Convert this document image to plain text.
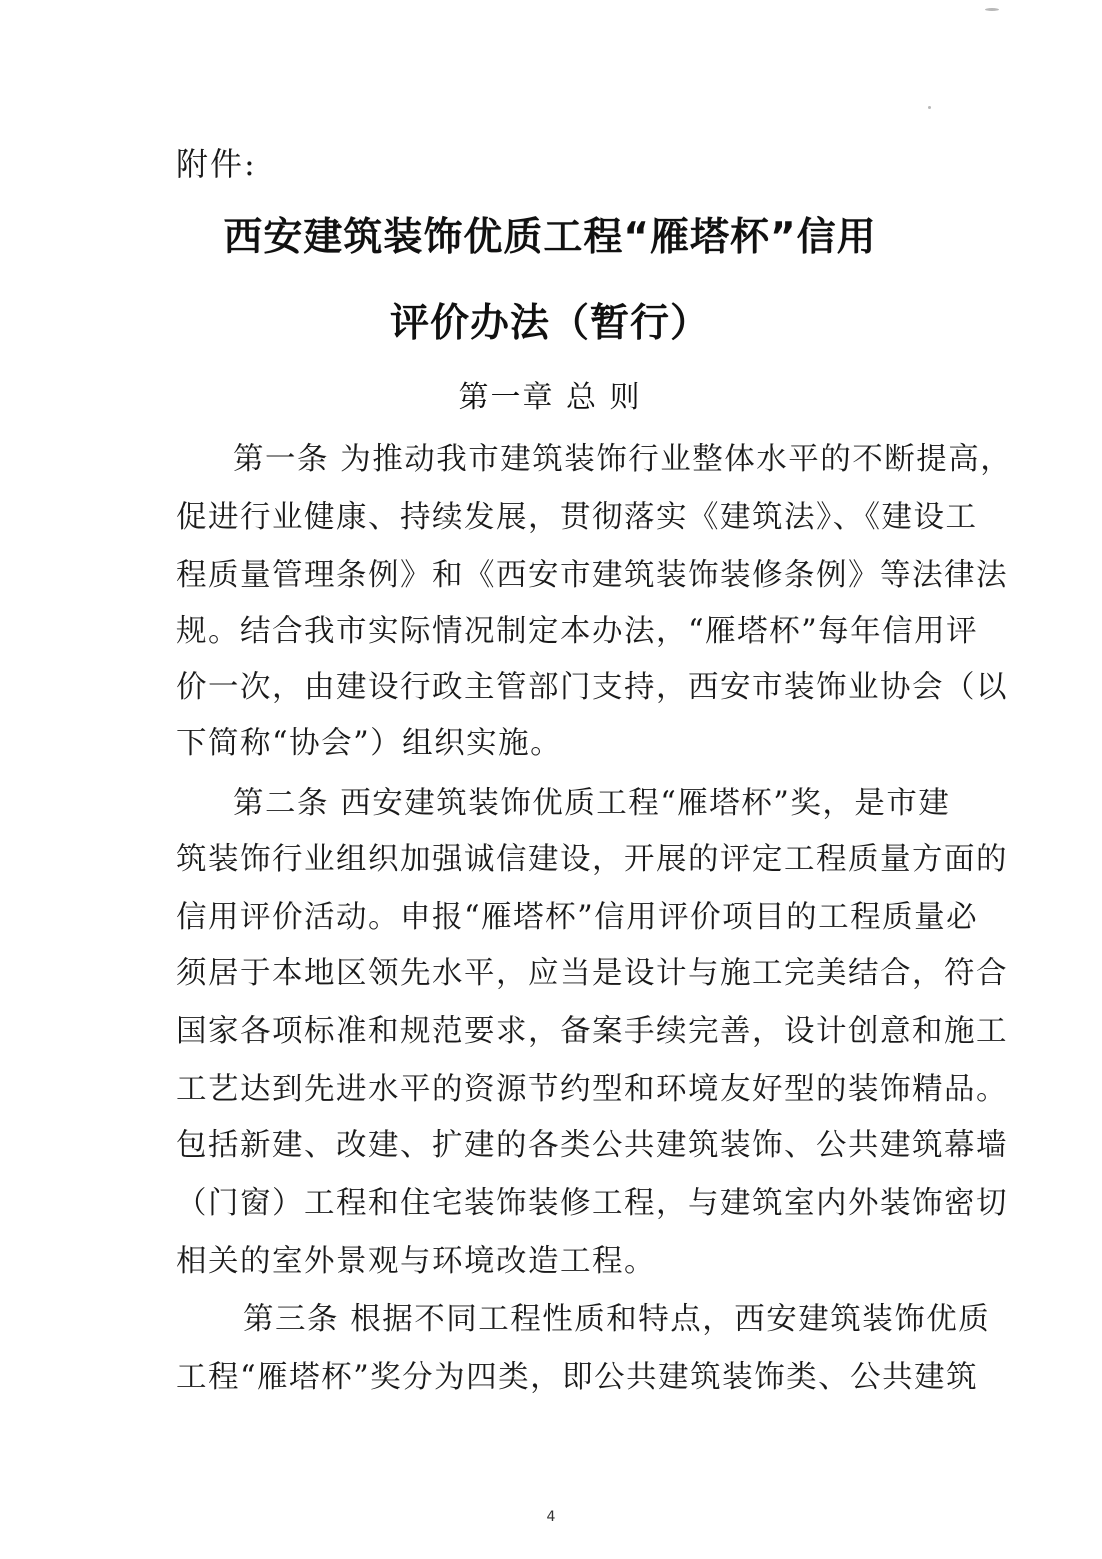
附件:
西安建筑装饰优质工程“雁塔杯”信用
评价办法（暂行）
第一章 总 则
第一条 为推动我市建筑装饰行业整体水平的不断提高，
促进行业健康、持续发展，贯彻落实《建筑法》、《建设工
程质量管理条例》和《西安市建筑装饰装修条例》等法律法
规。结合我市实际情况制定本办法，“雁塔杯”每年信用评
价一次，由建设行政主管部门支持，西安市装饰业协会（以
下简称“协会”）组织实施。
第二条 西安建筑装饰优质工程“雁塔杯”奖，是市建
筑装饰行业组织加强诚信建设，开展的评定工程质量方面的
信用评价活动。申报“雁塔杯”信用评价项目的工程质量必
须居于本地区领先水平，应当是设计与施工完美结合，符合
国家各项标准和规范要求，备案手续完善，设计创意和施工
工艺达到先进水平的资源节约型和环境友好型的装饰精品。
包括新建、改建、扩建的各类公共建筑装饰、公共建筑幕墙
（门窗）工程和住宅装饰装修工程，与建筑室内外装饰密切
相关的室外景观与环境改造工程。
第三条 根据不同工程性质和特点，西安建筑装饰优质
工程“雁塔杯”奖分为四类，即公共建筑装饰类、公共建筑
4
